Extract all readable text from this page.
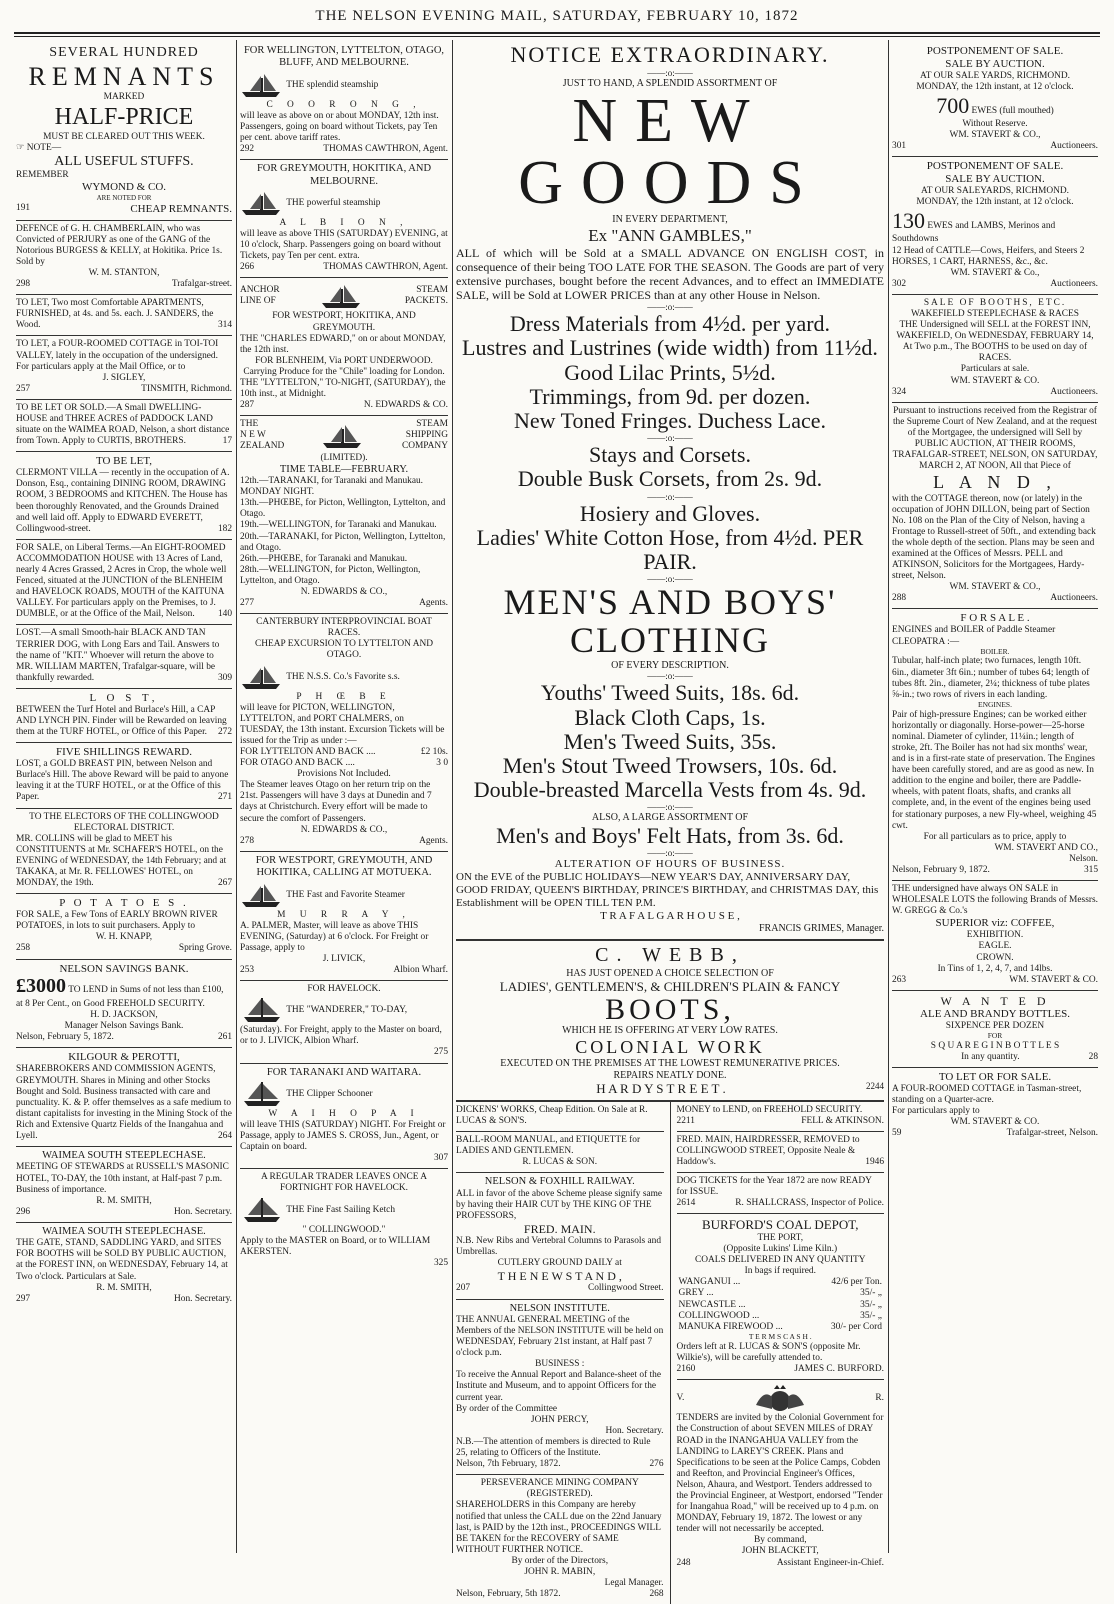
THE NELSON EVENING MAIL, SATURDAY, FEBRUARY 10, 1872
SEVERAL HUNDRED
REMNANTS
MARKED
HALF-PRICE
MUST BE CLEARED OUT THIS WEEK.
☞ NOTE—
ALL USEFUL STUFFS.
REMEMBER
WYMOND & CO.
ARE NOTED FOR
191	CHEAP REMNANTS.
DEFENCE of G. H. CHAMBERLAIN, who was Convicted of PERJURY as one of the GANG of the Notorious BURGESS & KELLY, at Hokitika. Price 1s. Sold by
W. M. STANTON,
298	Trafalgar-street.
TO LET, Two most Comfortable APARTMENTS, FURNISHED, at 4s. and 5s. each. J. SANDERS, the Wood.	314
TO LET, a FOUR-ROOMED COTTAGE in TOI-TOI VALLEY, lately in the occupation of the undersigned. For particulars apply at the Mail Office, or to
J. SIGLEY,
257	TINSMITH, Richmond.
TO BE LET OR SOLD.—A Small DWELLING-HOUSE and THREE ACRES of PADDOCK LAND situate on the WAIMEA ROAD, Nelson, a short distance from Town. Apply to CURTIS, BROTHERS.	17
TO BE LET,
CLERMONT VILLA — recently in the occupation of A. Donson, Esq., containing DINING ROOM, DRAWING ROOM, 3 BEDROOMS and KITCHEN. The House has been thoroughly Renovated, and the Grounds Drained and well laid off. Apply to EDWARD EVERETT, Collingwood-street.	182
FOR SALE, on Liberal Terms.—An EIGHT-ROOMED ACCOMMODATION HOUSE with 13 Acres of Land, nearly 4 Acres Grassed, 2 Acres in Crop, the whole well Fenced, situated at the JUNCTION of the BLENHEIM and HAVELOCK ROADS, MOUTH of the KAITUNA VALLEY. For particulars apply on the Premises, to J. DUMBLE, or at the Office of the Mail, Nelson. 140
LOST.—A small Smooth-hair BLACK AND TAN TERRIER DOG, with Long Ears and Tail. Answers to the name of "KIT." Whoever will return the above to MR. WILLIAM MARTEN, Trafalgar-square, will be thankfully rewarded.	309
L O S T,
BETWEEN the Turf Hotel and Burlace's Hill, a CAP AND LYNCH PIN. Finder will be Rewarded on leaving them at the TURF HOTEL, or Office of this Paper. 272
FIVE SHILLINGS REWARD.
LOST, a GOLD BREAST PIN, between Nelson and Burlace's Hill. The above Reward will be paid to anyone leaving it at the TURF HOTEL, or at the Office of this Paper.	271
TO THE ELECTORS OF THE COLLINGWOOD ELECTORAL DISTRICT.
MR. COLLINS will be glad to MEET his CONSTITUENTS at Mr. SCHAFER'S HOTEL, on the EVENING of WEDNESDAY, the 14th February; and at TAKAKA, at Mr. R. FELLOWES' HOTEL, on MONDAY, the 19th.	267
P O T A T O E S .
FOR SALE, a Few Tons of EARLY BROWN RIVER POTATOES, in lots to suit purchasers. Apply to
W. H. KNAPP,
258	Spring Grove.
NELSON SAVINGS BANK.
£3000 TO LEND in Sums of not less than £100, at 8 Per Cent., on Good FREEHOLD SECURITY.
H. D. JACKSON,
Manager Nelson Savings Bank.
Nelson, February 5, 1872.	261
KILGOUR & PEROTTI,
SHAREBROKERS AND COMMISSION AGENTS, GREYMOUTH. Shares in Mining and other Stocks Bought and Sold. Business transacted with care and punctuality. K. & P. offer themselves as a safe medium to distant capitalists for investing in the Mining Stock of the Rich and Extensive Quartz Fields of the Inangahua and Lyell.	264
WAIMEA SOUTH STEEPLECHASE.
MEETING OF STEWARDS at RUSSELL'S MASONIC HOTEL, TO-DAY, the 10th instant, at Half-past 7 p.m. Business of importance.
R. M. SMITH,
296	Hon. Secretary.
WAIMEA SOUTH STEEPLECHASE.
THE GATE, STAND, SADDLING YARD, and SITES FOR BOOTHS will be SOLD BY PUBLIC AUCTION, at the FOREST INN, on WEDNESDAY, February 14, at Two o'clock. Particulars at Sale.
R. M. SMITH,
297	Hon. Secretary.
FOR WELLINGTON, LYTTELTON, OTAGO, BLUFF, AND MELBOURNE.
THE splendid steamship
C O O R O N G ,
will leave as above on or about MONDAY, 12th inst. Passengers, going on board without Tickets, pay Ten per cent. above tariff rates.
292	THOMAS CAWTHRON, Agent.
FOR GREYMOUTH, HOKITIKA, AND MELBOURNE.
THE powerful steamship
A L B I O N ,
will leave as above THIS (SATURDAY) EVENING, at 10 o'clock, Sharp. Passengers going on board without Tickets, pay Ten per cent. extra.
266	THOMAS CAWTHRON, Agent.
ANCHOR
LINE OF
STEAM
PACKETS.
FOR WESTPORT, HOKITIKA, AND GREYMOUTH.
THE "CHARLES EDWARD," on or about MONDAY, the 12th inst.
FOR BLENHEIM, Via PORT UNDERWOOD. Carrying Produce for the "Chile" loading for London.
THE "LYTTELTON," TO-NIGHT, (SATURDAY), the 10th inst., at Midnight.
287	N. EDWARDS & CO.
THE
N E W
ZEALAND
STEAM
SHIPPING
COMPANY
(LIMITED).
TIME TABLE—FEBRUARY.
12th.—TARANAKI, for Taranaki and Manukau. MONDAY NIGHT.
13th.—PHŒBE, for Picton, Wellington, Lyttelton, and Otago.
19th.—WELLINGTON, for Taranaki and Manukau.
20th.—TARANAKI, for Picton, Wellington, Lyttelton, and Otago.
26th.—PHŒBE, for Taranaki and Manukau.
28th.—WELLINGTON, for Picton, Wellington, Lyttelton, and Otago.
N. EDWARDS & CO.,
277	Agents.
CANTERBURY INTERPROVINCIAL BOAT RACES.
CHEAP EXCURSION TO LYTTELTON AND OTAGO.
THE N.S.S. Co.'s Favorite s.s.
P H Œ B E
will leave for PICTON, WELLINGTON, LYTTELTON, and PORT CHALMERS, on TUESDAY, the 13th instant. Excursion Tickets will be issued for the Trip as under :—
FOR LYTTELTON AND BACK ....	£2 10s.
FOR OTAGO AND BACK ....	3 0
Provisions Not Included.
The Steamer leaves Otago on her return trip on the 21st. Passengers will have 3 days at Dunedin and 7 days at Christchurch. Every effort will be made to secure the comfort of Passengers.
N. EDWARDS & CO.,
278	Agents.
FOR WESTPORT, GREYMOUTH, AND HOKITIKA, CALLING AT MOTUEKA.
THE Fast and Favorite Steamer
M U R R A Y ,
A. PALMER, Master, will leave as above THIS EVENING, (Saturday) at 6 o'clock. For Freight or Passage, apply to
J. LIVICK,
253	Albion Wharf.
FOR HAVELOCK.
THE "WANDERER," TO-DAY, (Saturday). For Freight, apply to the Master on board, or to J. LIVICK, Albion Wharf.
275
FOR TARANAKI AND WAITARA.
THE Clipper Schooner
W A I H O P A I
will leave THIS (SATURDAY) NIGHT. For Freight or Passage, apply to JAMES S. CROSS, Jun., Agent, or Captain on board.
307
A REGULAR TRADER LEAVES ONCE A FORTNIGHT FOR HAVELOCK.
THE Fine Fast Sailing Ketch
" COLLINGWOOD."
Apply to the MASTER on Board, or to WILLIAM AKERSTEN.
325
NOTICE EXTRAORDINARY.
——:o:——
JUST TO HAND, A SPLENDID ASSORTMENT OF
NEW GOODS
IN EVERY DEPARTMENT,
Ex "ANN GAMBLES,"
ALL of which will be Sold at a SMALL ADVANCE ON ENGLISH COST, in consequence of their being TOO LATE FOR THE SEASON. The Goods are part of very extensive purchases, bought before the recent Advances, and to effect an IMMEDIATE SALE, will be Sold at LOWER PRICES than at any other House in Nelson.
——:o:——
Dress Materials from 4½d. per yard.
Lustres and Lustrines (wide width) from 11½d.
Good Lilac Prints, 5½d.
Trimmings, from 9d. per dozen.
New Toned Fringes. Duchess Lace.
——:o:——
Stays and Corsets.
Double Busk Corsets, from 2s. 9d.
——:o:——
Hosiery and Gloves.
Ladies' White Cotton Hose, from 4½d. PER PAIR.
——:o:——
MEN'S AND BOYS' CLOTHING
OF EVERY DESCRIPTION.
——:o:——
Youths' Tweed Suits, 18s. 6d.
Black Cloth Caps, 1s.
Men's Tweed Suits, 35s.
Men's Stout Tweed Trowsers, 10s. 6d.
Double-breasted Marcella Vests from 4s. 9d.
——:o:——
ALSO, A LARGE ASSORTMENT OF
Men's and Boys' Felt Hats, from 3s. 6d.
——:o:——
ALTERATION OF HOURS OF BUSINESS.
ON the EVE of the PUBLIC HOLIDAYS—NEW YEAR'S DAY, ANNIVERSARY DAY, GOOD FRIDAY, QUEEN'S BIRTHDAY, PRINCE'S BIRTHDAY, and CHRISTMAS DAY, this Establishment will be OPEN TILL TEN P.M.
T R A F A L G A R H O U S E ,
FRANCIS GRIMES, Manager.
C. WEBB,
HAS JUST OPENED A CHOICE SELECTION OF
LADIES', GENTLEMEN'S, & CHILDREN'S PLAIN & FANCY
BOOTS,
WHICH HE IS OFFERING AT VERY LOW RATES.
COLONIAL WORK
EXECUTED ON THE PREMISES AT THE LOWEST REMUNERATIVE PRICES.
REPAIRS NEATLY DONE.
H A R D Y S T R E E T .	2244
DICKENS' WORKS, Cheap Edition. On Sale at R. LUCAS & SON'S.
BALL-ROOM MANUAL, and ETIQUETTE for LADIES AND GENTLEMEN.
R. LUCAS & SON.
NELSON & FOXHILL RAILWAY.
ALL in favor of the above Scheme please signify same by having their HAIR CUT by THE KING OF THE PROFESSORS,
FRED. MAIN.
N.B. New Ribs and Vertebral Columns to Parasols and Umbrellas.
CUTLERY GROUND DAILY at
T H E N E W S T A N D ,
207	Collingwood Street.
NELSON INSTITUTE.
THE ANNUAL GENERAL MEETING of the Members of the NELSON INSTITUTE will be held on WEDNESDAY, February 21st instant, at Half past 7 o'clock p.m.
BUSINESS :
To receive the Annual Report and Balance-sheet of the Institute and Museum, and to appoint Officers for the current year.
By order of the Committee
JOHN PERCY,
Hon. Secretary.
N.B.—The attention of members is directed to Rule 25, relating to Officers of the Institute.
Nelson, 7th February, 1872.	276
PERSEVERANCE MINING COMPANY (REGISTERED).
SHAREHOLDERS in this Company are hereby notified that unless the CALL due on the 22nd January last, is PAID by the 12th inst., PROCEEDINGS WILL BE TAKEN for the RECOVERY of SAME WITHOUT FURTHER NOTICE.
By order of the Directors,
JOHN R. MABIN,
Legal Manager.
Nelson, February, 5th 1872.	268
MONEY to LEND, on FREEHOLD SECURITY.
2211	FELL & ATKINSON.
FRED. MAIN, HAIRDRESSER, REMOVED to COLLINGWOOD STREET, Opposite Neale & Haddow's.	1946
DOG TICKETS for the Year 1872 are now READY for ISSUE.
2614	R. SHALLCRASS, Inspector of Police.
BURFORD'S COAL DEPOT,
THE PORT,
(Opposite Lukins' Lime Kiln.)
COALS DELIVERED IN ANY QUANTITY
In bags if required.
WANGANUI ...	42/6 per Ton.
GREY ...	35/- „
NEWCASTLE ...	35/- „
COLLINGWOOD ...	35/- „
MANUKA FIREWOOD ...	30/- per Cord
T E R M S C A S H .
Orders left at R. LUCAS & SON'S (opposite Mr. Wilkie's), will be carefully attended to.
2160	JAMES C. BURFORD.
V.	R.
TENDERS are invited by the Colonial Government for the Construction of about SEVEN MILES of DRAY ROAD in the INANGAHUA VALLEY from the LANDING to LAREY'S CREEK. Plans and Specifications to be seen at the Police Camps, Cobden and Reefton, and Provincial Engineer's Offices, Nelson, Ahaura, and Westport. Tenders addressed to the Provincial Engineer, at Westport, endorsed "Tender for Inangahua Road," will be received up to 4 p.m. on MONDAY, February 19, 1872. The lowest or any tender will not necessarily be accepted.
By command,
JOHN BLACKETT,
248	Assistant Engineer-in-Chief.
POSTPONEMENT OF SALE.
SALE BY AUCTION.
AT OUR SALE YARDS, RICHMOND.
MONDAY, the 12th instant, at 12 o'clock.
700 EWES (full mouthed)
Without Reserve.
WM. STAVERT & CO.,
301	Auctioneers.
POSTPONEMENT OF SALE.
SALE BY AUCTION.
AT OUR SALEYARDS, RICHMOND.
MONDAY, the 12th instant, at 12 o'clock.
130 EWES and LAMBS, Merinos and Southdowns
12 Head of CATTLE—Cows, Heifers, and Steers 2 HORSES, 1 CART, HARNESS, &c., &c.
WM. STAVERT & Co.,
302	Auctioneers.
SALE OF BOOTHS, ETC.
WAKEFIELD STEEPLECHASE & RACES
THE Undersigned will SELL at the FOREST INN, WAKEFIELD, On WEDNESDAY, FEBRUARY 14, At Two p.m., The BOOTHS to be used on day of RACES.
Particulars at sale.
WM. STAVERT & CO.
324	Auctioneers.
Pursuant to instructions received from the Registrar of the Supreme Court of New Zealand, and at the request of the Mortgagee, the undersigned will Sell by PUBLIC AUCTION, AT THEIR ROOMS, TRAFALGAR-STREET, NELSON, ON SATURDAY, MARCH 2, AT NOON, All that Piece of
L A N D ,
with the COTTAGE thereon, now (or lately) in the occupation of JOHN DILLON, being part of Section No. 108 on the Plan of the City of Nelson, having a Frontage to Russell-street of 50ft., and extending back the whole depth of the section. Plans may be seen and examined at the Offices of Messrs. PELL and ATKINSON, Solicitors for the Mortgagees, Hardy-street, Nelson.
WM. STAVERT & CO.,
288	Auctioneers.
F O R S A L E .
ENGINES and BOILER of Paddle Steamer CLEOPATRA :—
BOILER.
Tubular, half-inch plate; two furnaces, length 10ft. 6in., diameter 3ft 6in.; number of tubes 64; length of tubes 8ft. 2in., diameter, 2¼; thickness of tube plates ⅝-in.; two rows of rivers in each landing.
ENGINES.
Pair of high-pressure Engines; can be worked either horizontally or diagonally. Horse-power—25-horse nominal. Diameter of cylinder, 11¼in.; length of stroke, 2ft. The Boiler has not had six months' wear, and is in a first-rate state of preservation. The Engines have been carefully stored, and are as good as new. In addition to the engine and boiler, there are Paddle-wheels, with patent floats, shafts, and cranks all complete, and, in the event of the engines being used for stationary purposes, a new Fly-wheel, weighing 45 cwt.
For all particulars as to price, apply to
WM. STAVERT AND CO.,
Nelson.
Nelson, February 9, 1872.	315
THE undersigned have always ON SALE in WHOLESALE LOTS the following Brands of Messrs. W. GREGG & Co.'s
SUPERIOR viz: COFFEE,
EXHIBITION.
EAGLE.
CROWN.
In Tins of 1, 2, 4, 7, and 14lbs.
263	WM. STAVERT & CO.
W A N T E D
ALE AND BRANDY BOTTLES.
SIXPENCE PER DOZEN
FOR
S Q U A R E G I N B O T T L E S
In any quantity.	28
TO LET OR FOR SALE.
A FOUR-ROOMED COTTAGE in Tasman-street, standing on a Quarter-acre.
For particulars apply to
WM. STAVERT & CO.
59	Trafalgar-street, Nelson.
